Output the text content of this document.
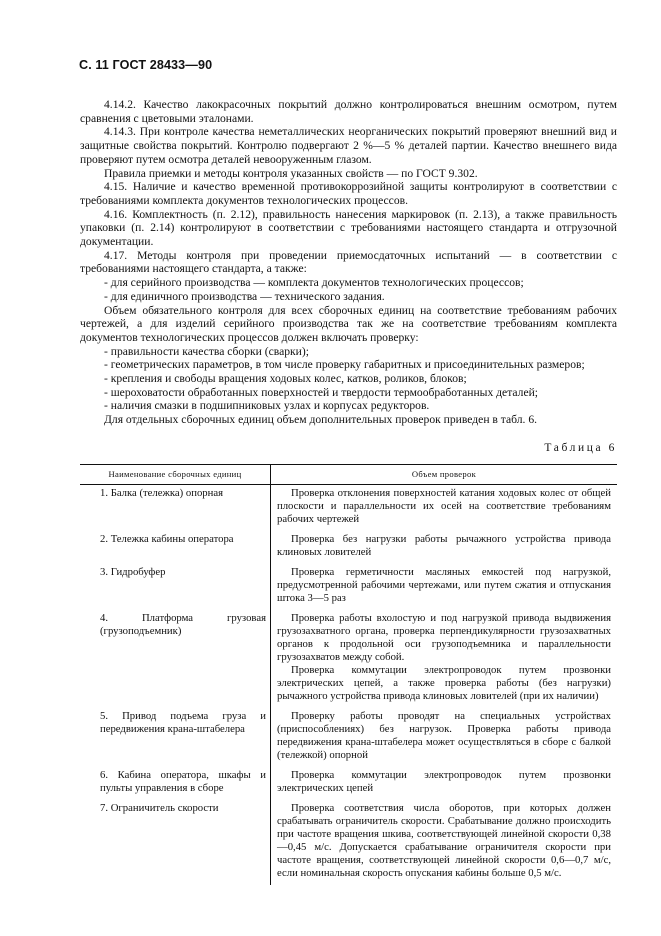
С. 11 ГОСТ 28433—90

4.14.2. Качество лакокрасочных покрытий должно контролироваться внешним осмотром, путем сравнения с цветовыми эталонами.

4.14.3. При контроле качества неметаллических неорганических покрытий проверяют внешний вид и защитные свойства покрытий. Контролю подвергают 2 %—5 % деталей партии. Качество внешнего вида проверяют путем осмотра деталей невооруженным глазом.

Правила приемки и методы контроля указанных свойств — по ГОСТ 9.302.

4.15. Наличие и качество временной противокоррозийной защиты контролируют в соответствии с требованиями комплекта документов технологических процессов.

4.16. Комплектность (п. 2.12), правильность нанесения маркировок (п. 2.13), а также правильность упаковки (п. 2.14) контролируют в соответствии с требованиями настоящего стандарта и отгрузочной документации.

4.17. Методы контроля при проведении приемосдаточных испытаний — в соответствии с требованиями настоящего стандарта, а также:

- для серийного производства — комплекта документов технологических процессов;

- для единичного производства — технического задания.

Объем обязательного контроля для всех сборочных единиц на соответствие требованиям рабочих чертежей, а для изделий серийного производства так же на соответствие требованиям комплекта документов технологических процессов должен включать проверку:

- правильности качества сборки (сварки);

- геометрических параметров, в том числе проверку габаритных и присоединительных размеров;

- крепления и свободы вращения ходовых колес, катков, роликов, блоков;

- шероховатости обработанных поверхностей и твердости термообработанных деталей;

- наличия смазки в подшипниковых узлах и корпусах редукторов.

Для отдельных сборочных единиц объем дополнительных проверок приведен в табл. 6.

Таблица 6
Наименование сборочных единиц	Объем проверок
1. Балка (тележка) опорная	Проверка отклонения поверхностей катания ходовых колес от общей плоскости и параллельности их осей на соответствие требованиям рабочих чертежей

2. Тележка кабины оператора	Проверка без нагрузки работы рычажного устройства привода клиновых ловителей

3. Гидробуфер	Проверка герметичности масляных емкостей под нагрузкой, предусмотренной рабочими чертежами, или путем сжатия и отпускания штока 3—5 раз

4. Платформа грузовая (грузоподъемник)	Проверка работы вхолостую и под нагрузкой привода выдвижения грузозахватного органа, проверка перпендикулярности грузозахватных органов к продольной оси грузоподъемника и параллельности грузозахватов между собой.

Проверка коммутации электропроводок путем прозвонки электрических цепей, а также проверка работы (без нагрузки) рычажного устройства привода клиновых ловителей (при их наличии)

5. Привод подъема груза и передвижения крана-штабелера	Проверку работы проводят на специальных устройствах (приспособлениях) без нагрузок. Проверка работы привода передвижения крана-штабелера может осуществляться в сборе с балкой (тележкой) опорной

6. Кабина оператора, шкафы и пульты управления в сборе	Проверка коммутации электропроводок путем прозвонки электрических цепей

7. Ограничитель скорости	Проверка соответствия числа оборотов, при которых должен срабатывать ограничитель скорости. Срабатывание должно происходить при частоте вращения шкива, соответствующей линейной скорости 0,38—0,45 м/с. Допускается срабатывание ограничителя скорости при частоте вращения, соответствующей линейной скорости 0,6—0,7 м/с, если номинальная скорость опускания кабины больше 0,5 м/с.
